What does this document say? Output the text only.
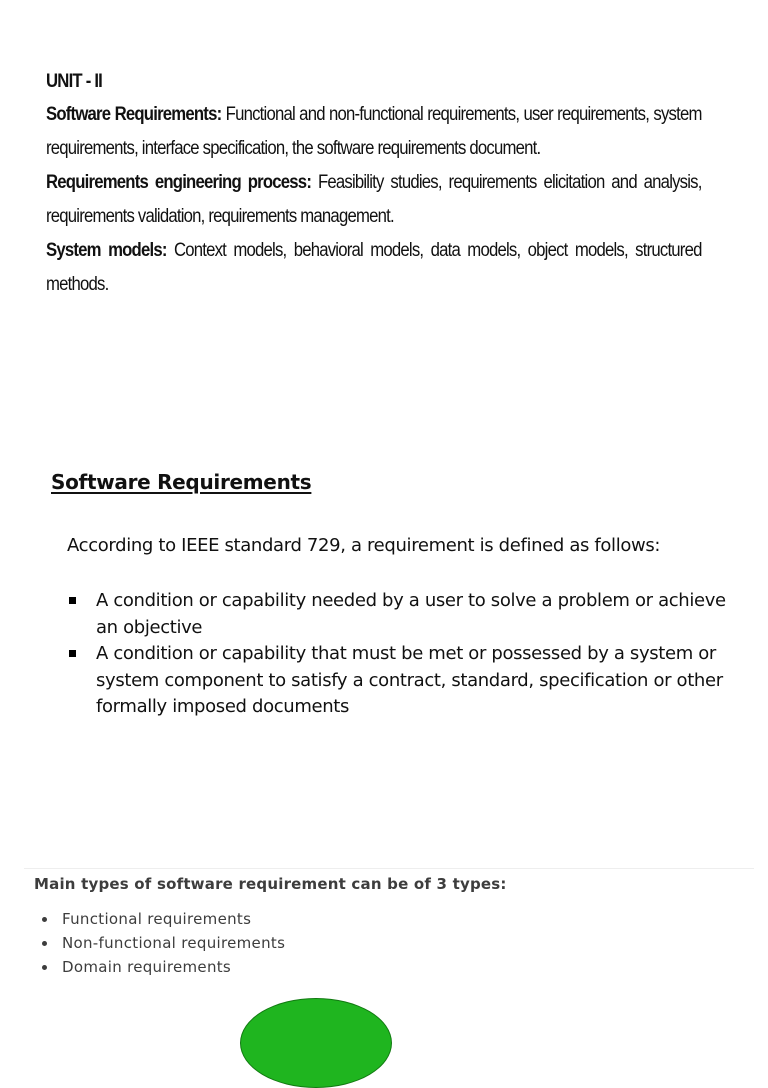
UNIT - II

Software Requirements: Functional and non-functional requirements, user requirements, system requirements, interface specification, the software requirements document.

Requirements engineering process: Feasibility studies, requirements elicitation and analysis, requirements validation, requirements management.

System models: Context models, behavioral models, data models, object models, structured methods.

Software Requirements

According to IEEE standard 729, a requirement is defined as follows:

A condition or capability needed by a user to solve a problem or achieve an objective
A condition or capability that must be met or possessed by a system or system component to satisfy a contract, standard, specification or other formally imposed documents

Main types of software requirement can be of 3 types:

Functional requirements
Non-functional requirements
Domain requirements
